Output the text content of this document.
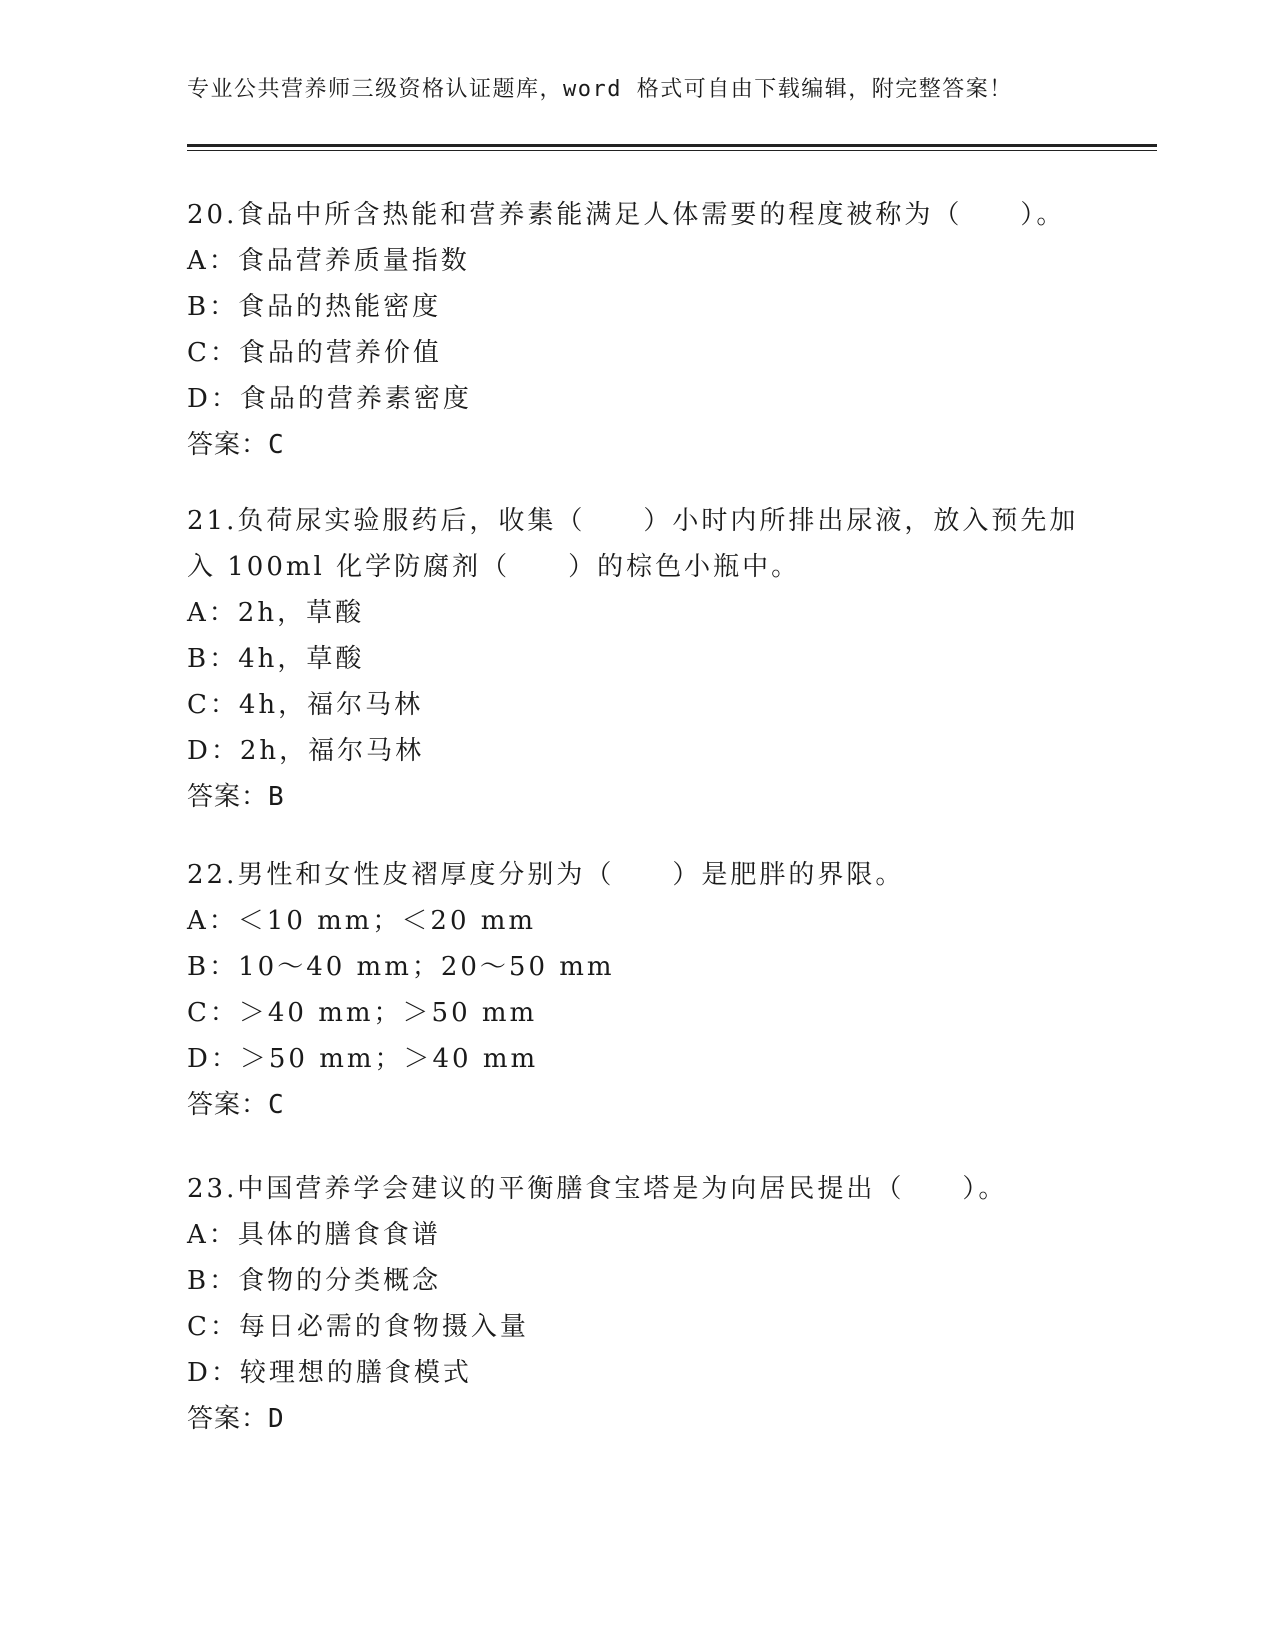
专业公共营养师三级资格认证题库，word 格式可自由下载编辑，附完整答案！

20.食品中所含热能和营养素能满足人体需要的程度被称为（　　）。

A：食品营养质量指数

B：食品的热能密度

C：食品的营养价值

D：食品的营养素密度

答案：C

21.负荷尿实验服药后，收集（　　）小时内所排出尿液，放入预先加入 100ml 化学防腐剂（　　）的棕色小瓶中。

A：2h，草酸

B：4h，草酸

C：4h，福尔马林

D：2h，福尔马林

答案：B

22.男性和女性皮褶厚度分别为（　　）是肥胖的界限。

A：＜10 mm；＜20 mm

B：10～40 mm；20～50 mm

C：＞40 mm；＞50 mm

D：＞50 mm；＞40 mm

答案：C

23.中国营养学会建议的平衡膳食宝塔是为向居民提出（　　）。

A：具体的膳食食谱

B：食物的分类概念

C：每日必需的食物摄入量

D：较理想的膳食模式

答案：D
